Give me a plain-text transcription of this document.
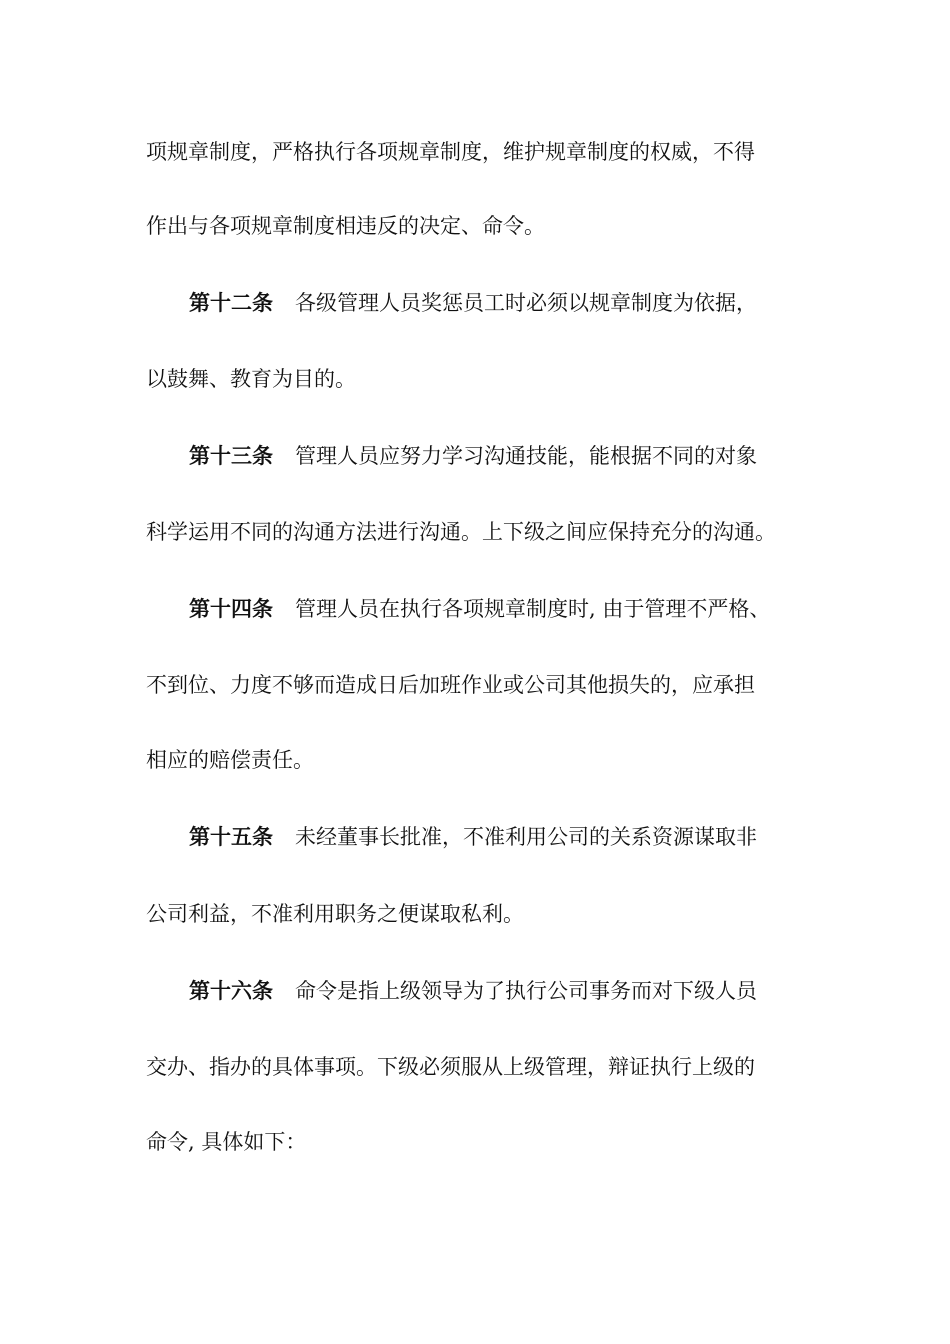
项规章制度，严格执行各项规章制度，维护规章制度的权威，不得
作出与各项规章制度相违反的决定、命令。
第十二条 各级管理人员奖惩员工时必须以规章制度为依据，
以鼓舞、教育为目的。
第十三条 管理人员应努力学习沟通技能，能根据不同的对象
科学运用不同的沟通方法进行沟通。上下级之间应保持充分的沟通。
第十四条 管理人员在执行各项规章制度时, 由于管理不严格、
不到位、力度不够而造成日后加班作业或公司其他损失的，应承担
相应的赔偿责任。
第十五条 未经董事长批准，不准利用公司的关系资源谋取非
公司利益，不准利用职务之便谋取私利。
第十六条 命令是指上级领导为了执行公司事务而对下级人员
交办、指办的具体事项。下级必须服从上级管理，辩证执行上级的
命令, 具体如下：
